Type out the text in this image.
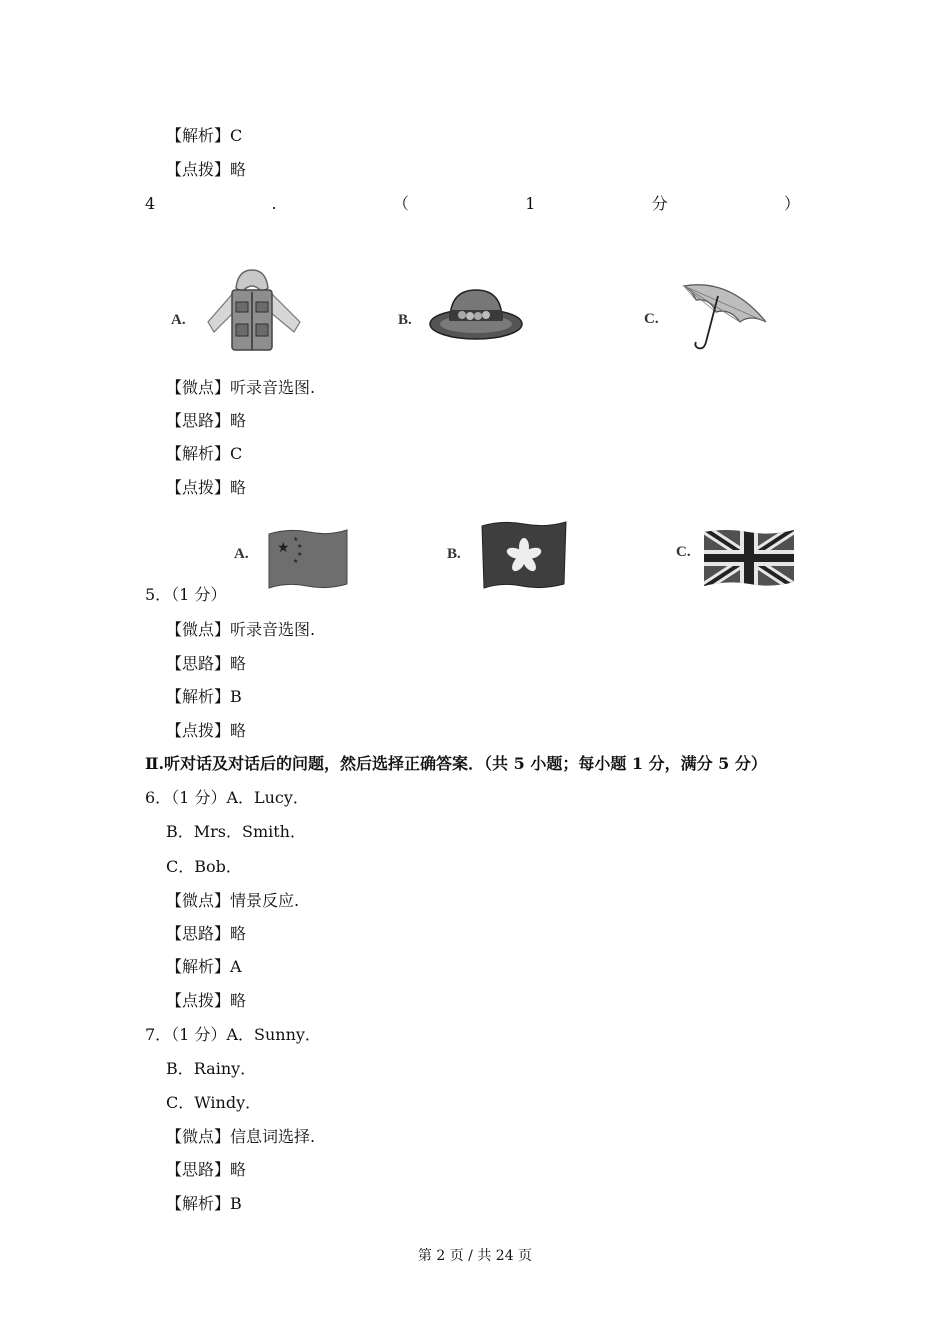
【解析】C
【点拨】略
4	.	（	1	分	）
A.	B.	C.
【微点】听录音选图.
【思路】略
【解析】C
【点拨】略
A. ★
★
★
★
★	B.	C.
5．（1 分）
【微点】听录音选图.
【思路】略
【解析】B
【点拨】略
Ⅱ.听对话及对话后的问题，然后选择正确答案．（共 5 小题；每小题 1 分，满分 5 分）
6．（1 分）A．Lucy．
B．Mrs．Smith．
C．Bob．
【微点】情景反应.
【思路】略
【解析】A
【点拨】略
7．（1 分）A．Sunny．
B．Rainy．
C．Windy．
【微点】信息词选择.
【思路】略
【解析】B
第 2 页 / 共 24 页
